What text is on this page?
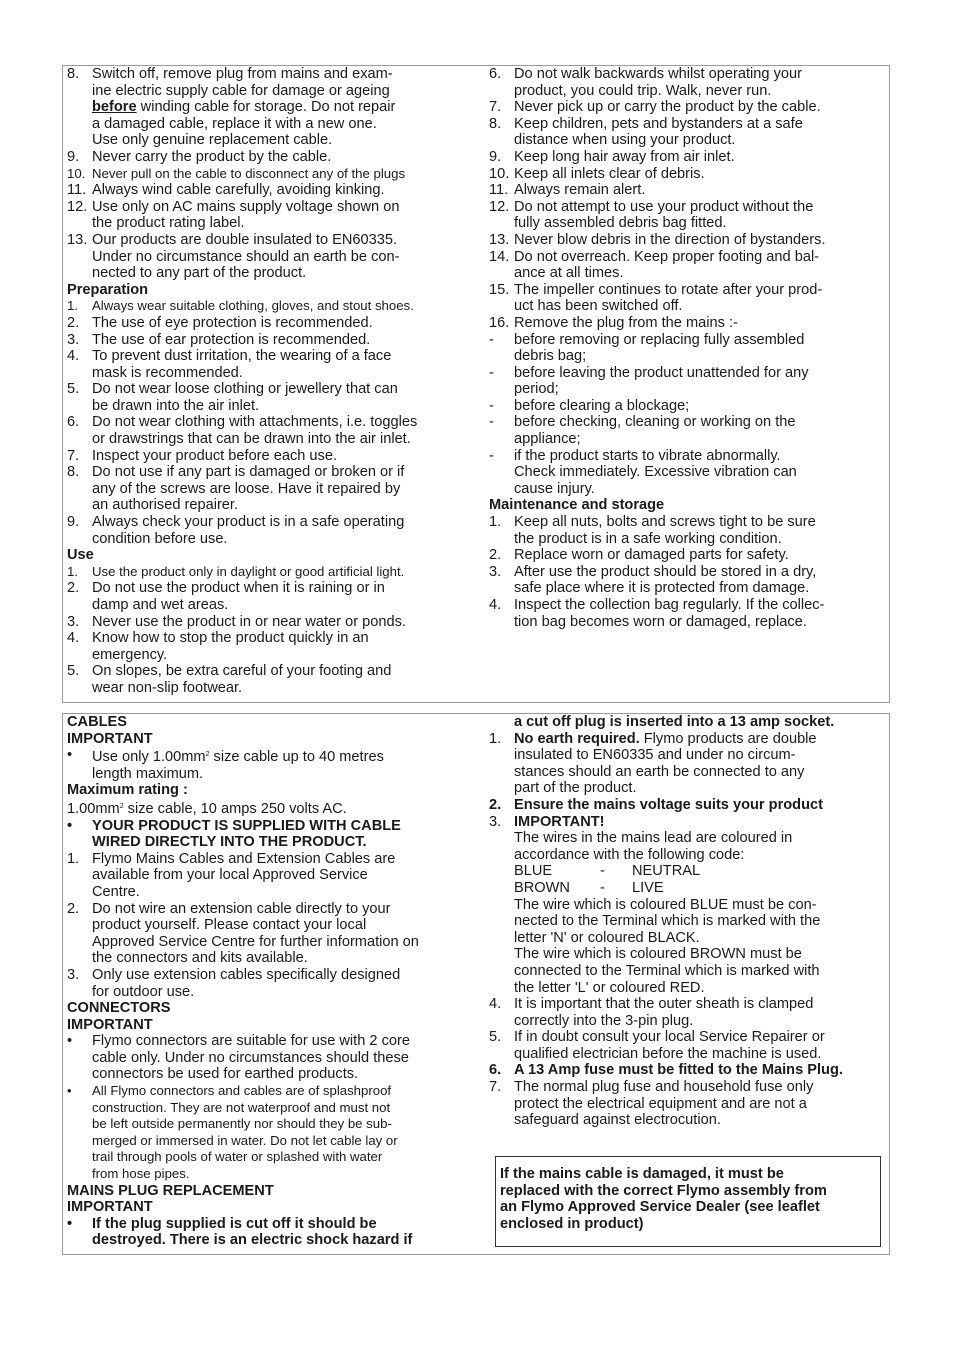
8. Switch off, remove plug from mains and exam-
ine electric supply cable for damage or ageing
before winding cable for storage. Do not repair
a damaged cable, replace it with a new one.
Use only genuine replacement cable.
9. Never carry the product by the cable.
10. Never pull on the cable to disconnect any of the plugs
11. Always wind cable carefully, avoiding kinking.
12. Use only on AC mains supply voltage shown on
the product rating label.
13. Our products are double insulated to EN60335.
Under no circumstance should an earth be con-
nected to any part of the product.
Preparation
1.	Always wear suitable clothing, gloves, and stout shoes.
2. The use of eye protection is recommended.
3. The use of ear protection is recommended.
4. To prevent dust irritation, the wearing of a face
mask is recommended.
5. Do not wear loose clothing or jewellery that can
be drawn into the air inlet.
6. Do not wear clothing with attachments, i.e. toggles
or drawstrings that can be drawn into the air inlet.
7. Inspect your product before each use.
8. Do not use if any part is damaged or broken or if
any of the screws are loose. Have it repaired by
an authorised repairer.
9. Always check your product is in a safe operating
condition before use.
Use
1.	Use the product only in daylight or good artificial light.
2. Do not use the product when it is raining or in
damp and wet areas.
3. Never use the product in or near water or ponds.
4. Know how to stop the product quickly in an
emergency.
5. On slopes, be extra careful of your footing and
wear non-slip footwear.
6. Do not walk backwards whilst operating your
product, you could trip. Walk, never run.
7. Never pick up or carry the product by the cable.
8. Keep children, pets and bystanders at a safe
distance when using your product.
9. Keep long hair away from air inlet.
10. Keep all inlets clear of debris.
11. Always remain alert.
12. Do not attempt to use your product without the
fully assembled debris bag fitted.
13. Never blow debris in the direction of bystanders.
14. Do not overreach. Keep proper footing and bal-
ance at all times.
15. The impeller continues to rotate after your prod-
uct has been switched off.
16. Remove the plug from the mains :-
-	before removing or replacing fully assembled
debris bag;
-	before leaving the product unattended for any
period;
-	before clearing a blockage;
-	before checking, cleaning or working on the
appliance;
-	if the product starts to vibrate abnormally.
Check immediately. Excessive vibration can
cause injury.
Maintenance and storage
1. Keep all nuts, bolts and screws tight to be sure
the product is in a safe working condition.
2. Replace worn or damaged parts for safety.
3. After use the product should be stored in a dry,
safe place where it is protected from damage.
4. Inspect the collection bag regularly. If the collec-
tion bag becomes worn or damaged, replace.
CABLES
IMPORTANT
•	Use only $1.00mm^2$ size cable up to 40 metres
length maximum.
Maximum rating :
$1.00mm^2$ size cable, 10 amps 250 volts AC.
•	YOUR PRODUCT IS SUPPLIED WITH CABLE
WIRED DIRECTLY INTO THE PRODUCT.
1. Flymo Mains Cables and Extension Cables are
available from your local Approved Service
Centre.
2. Do not wire an extension cable directly to your
product yourself. Please contact your local
Approved Service Centre for further information on
the connectors and kits available.
3. Only use extension cables specifically designed
for outdoor use.
CONNECTORS
IMPORTANT
•	Flymo connectors are suitable for use with 2 core
cable only. Under no circumstances should these
connectors be used for earthed products.
•	All Flymo connectors and cables are of splashproof
construction. They are not waterproof and must not
be left outside permanently nor should they be sub-
merged or immersed in water. Do not let cable lay or
trail through pools of water or splashed with water
from hose pipes.
MAINS PLUG REPLACEMENT
IMPORTANT
•	If the plug supplied is cut off it should be
destroyed. There is an electric shock hazard if
a cut off plug is inserted into a 13 amp socket.
1. No earth required. Flymo products are double
insulated to EN60335 and under no circum-
stances should an earth be connected to any
part of the product.
2. Ensure the mains voltage suits your product
3. IMPORTANT!
The wires in the mains lead are coloured in
accordance with the following code:
BLUE	-	NEUTRAL
BROWN	-	LIVE
The wire which is coloured BLUE must be con-
nected to the Terminal which is marked with the
letter 'N' or coloured BLACK.
The wire which is coloured BROWN must be
connected to the Terminal which is marked with
the letter 'L' or coloured RED.
4. It is important that the outer sheath is clamped
correctly into the 3-pin plug.
5. If in doubt consult your local Service Repairer or
qualified electrician before the machine is used.
6. A 13 Amp fuse must be fitted to the Mains Plug.
7. The normal plug fuse and household fuse only
protect the electrical equipment and are not a
safeguard against electrocution.
If the mains cable is damaged, it must be
replaced with the correct Flymo assembly from
an Flymo Approved Service Dealer (see leaflet
enclosed in product)
